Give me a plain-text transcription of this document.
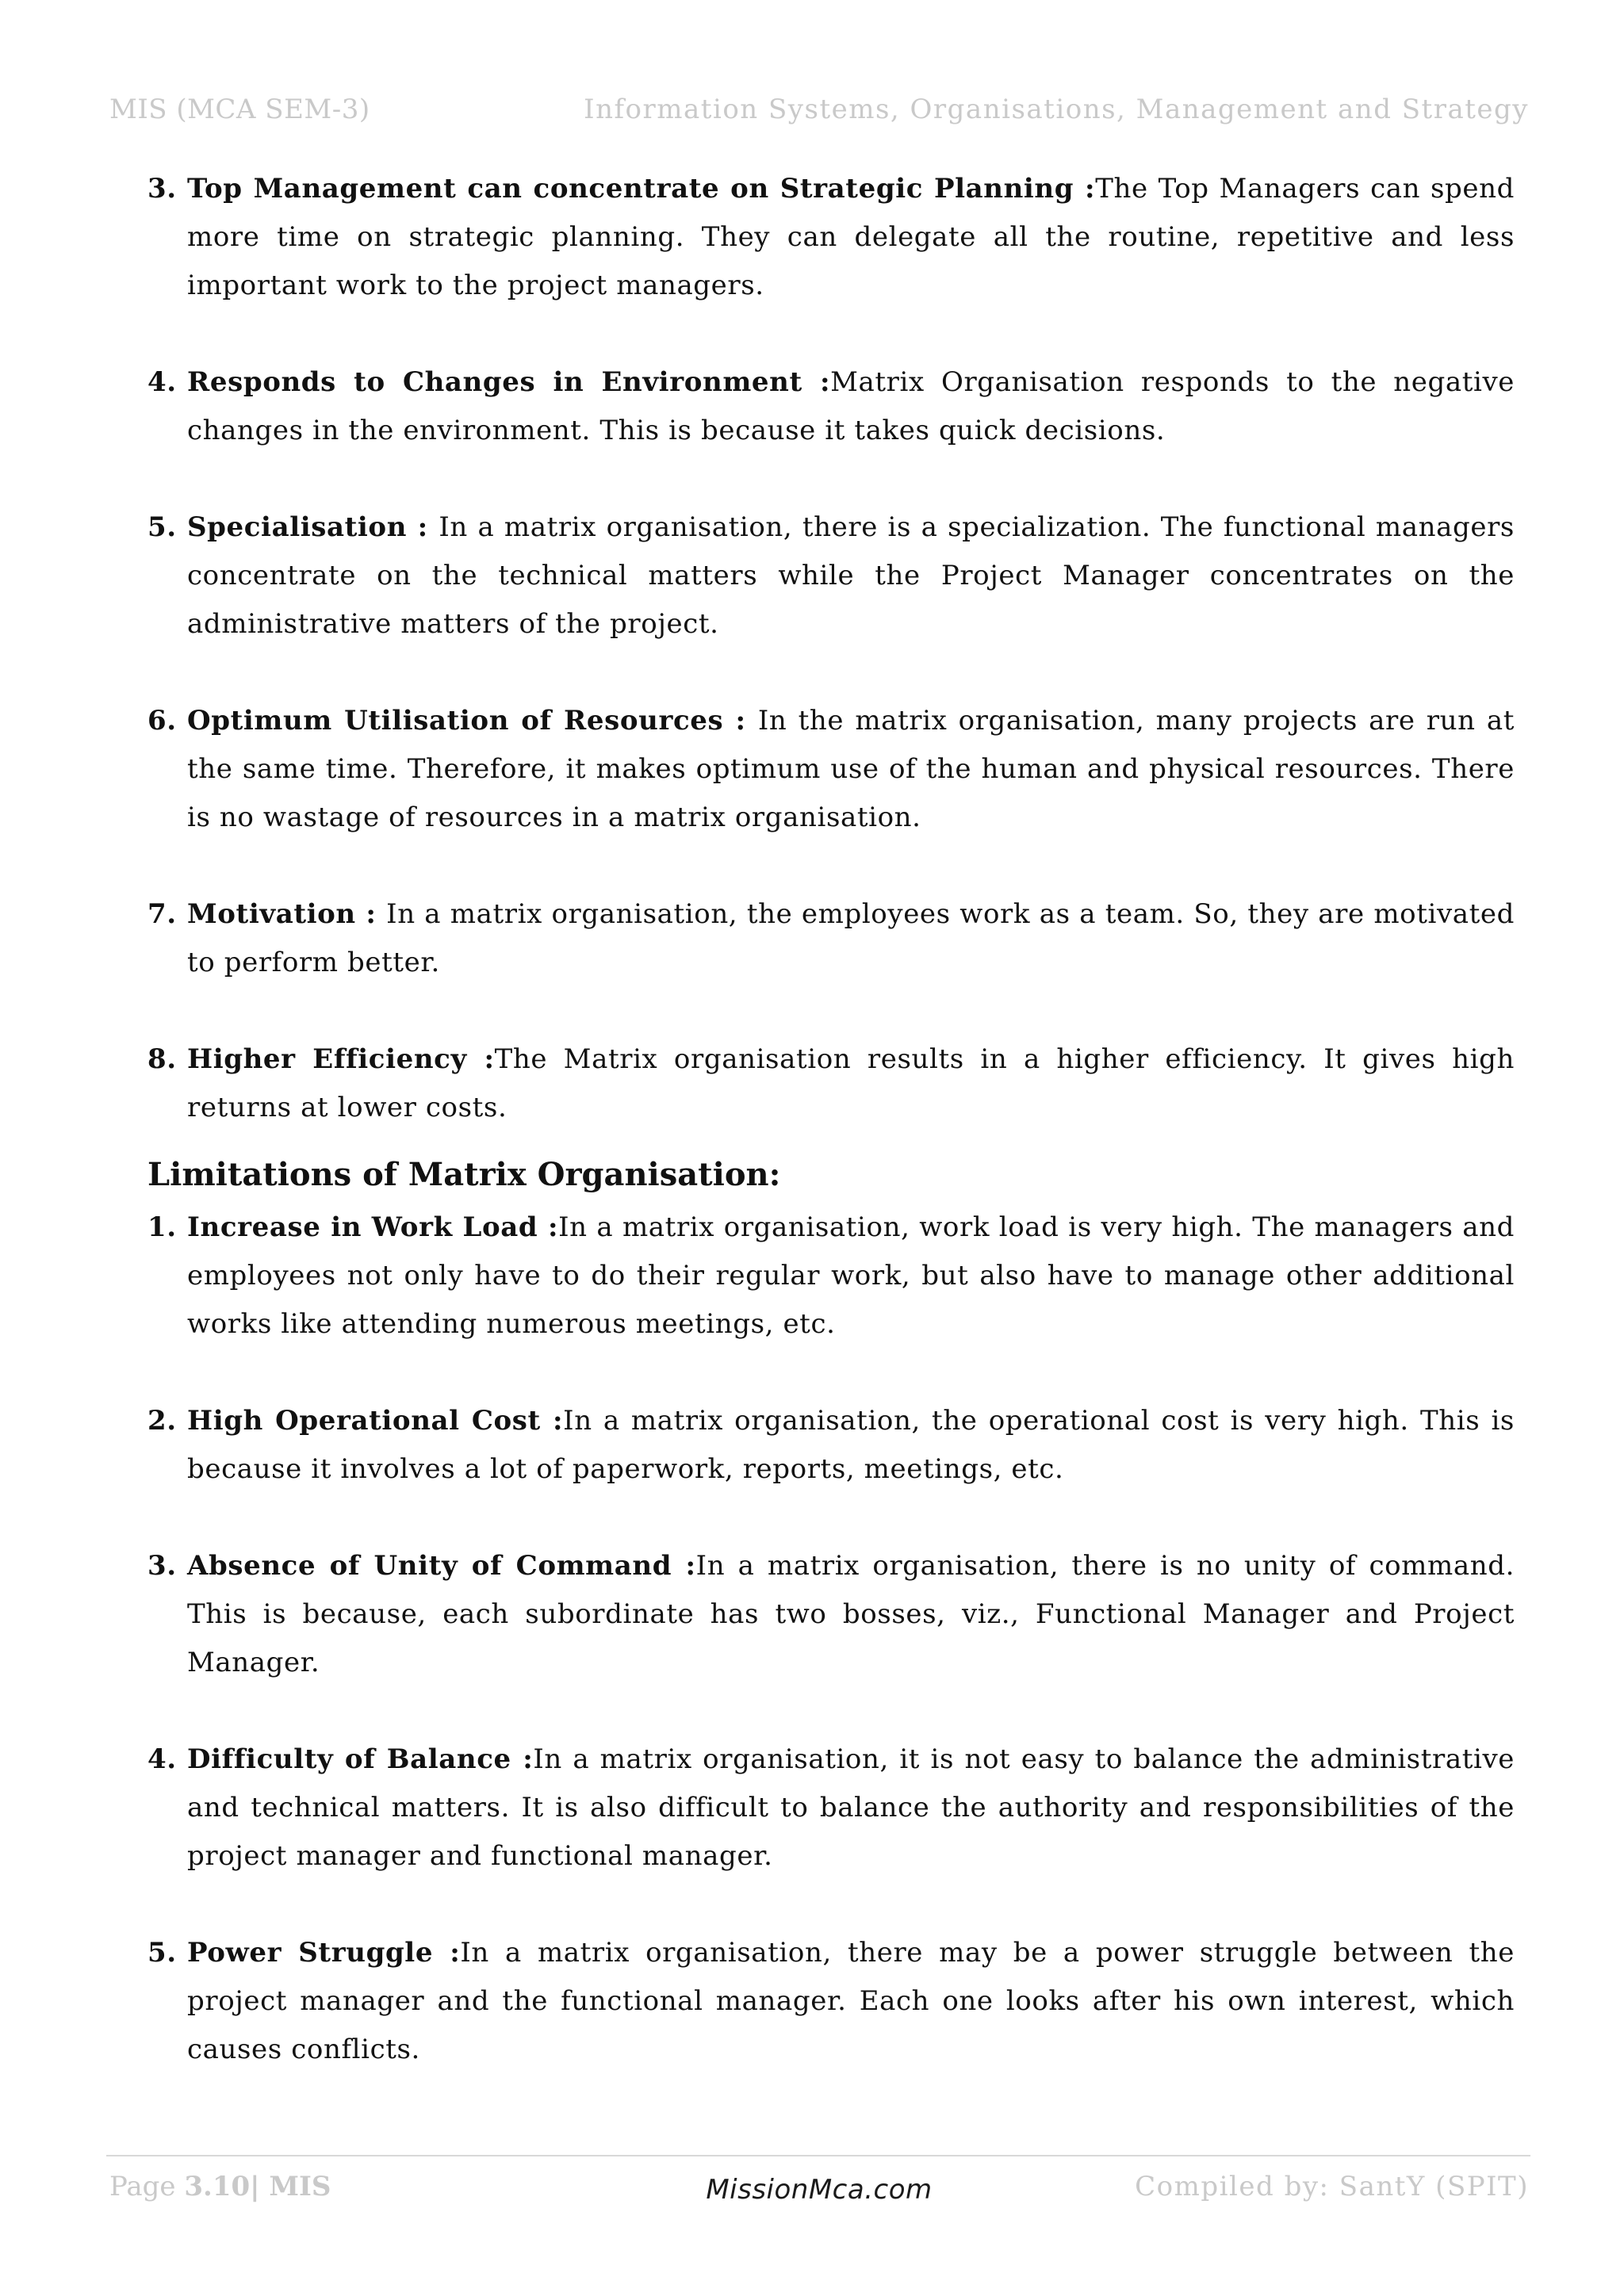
MIS (MCA SEM-3)	Information Systems, Organisations, Management and Strategy
3. Top Management can concentrate on Strategic Planning :The Top Managers can spend more time on strategic planning. They can delegate all the routine, repetitive and less important work to the project managers.
4. Responds to Changes in Environment :Matrix Organisation responds to the negative changes in the environment. This is because it takes quick decisions.
5. Specialisation : In a matrix organisation, there is a specialization. The functional managers concentrate on the technical matters while the Project Manager concentrates on the administrative matters of the project.
6. Optimum Utilisation of Resources : In the matrix organisation, many projects are run at the same time. Therefore, it makes optimum use of the human and physical resources. There is no wastage of resources in a matrix organisation.
7. Motivation : In a matrix organisation, the employees work as a team. So, they are motivated to perform better.
8. Higher Efficiency :The Matrix organisation results in a higher efficiency. It gives high returns at lower costs.
Limitations of Matrix Organisation:
1. Increase in Work Load :In a matrix organisation, work load is very high. The managers and employees not only have to do their regular work, but also have to manage other additional works like attending numerous meetings, etc.
2. High Operational Cost :In a matrix organisation, the operational cost is very high. This is because it involves a lot of paperwork, reports, meetings, etc.
3. Absence of Unity of Command :In a matrix organisation, there is no unity of command. This is because, each subordinate has two bosses, viz., Functional Manager and Project Manager.
4. Difficulty of Balance :In a matrix organisation, it is not easy to balance the administrative and technical matters. It is also difficult to balance the authority and responsibilities of the project manager and functional manager.
5. Power Struggle :In a matrix organisation, there may be a power struggle between the project manager and the functional manager. Each one looks after his own interest, which causes conflicts.
Page 3.10| MIS	MissionMca.com	Compiled by: SantY (SPIT)
